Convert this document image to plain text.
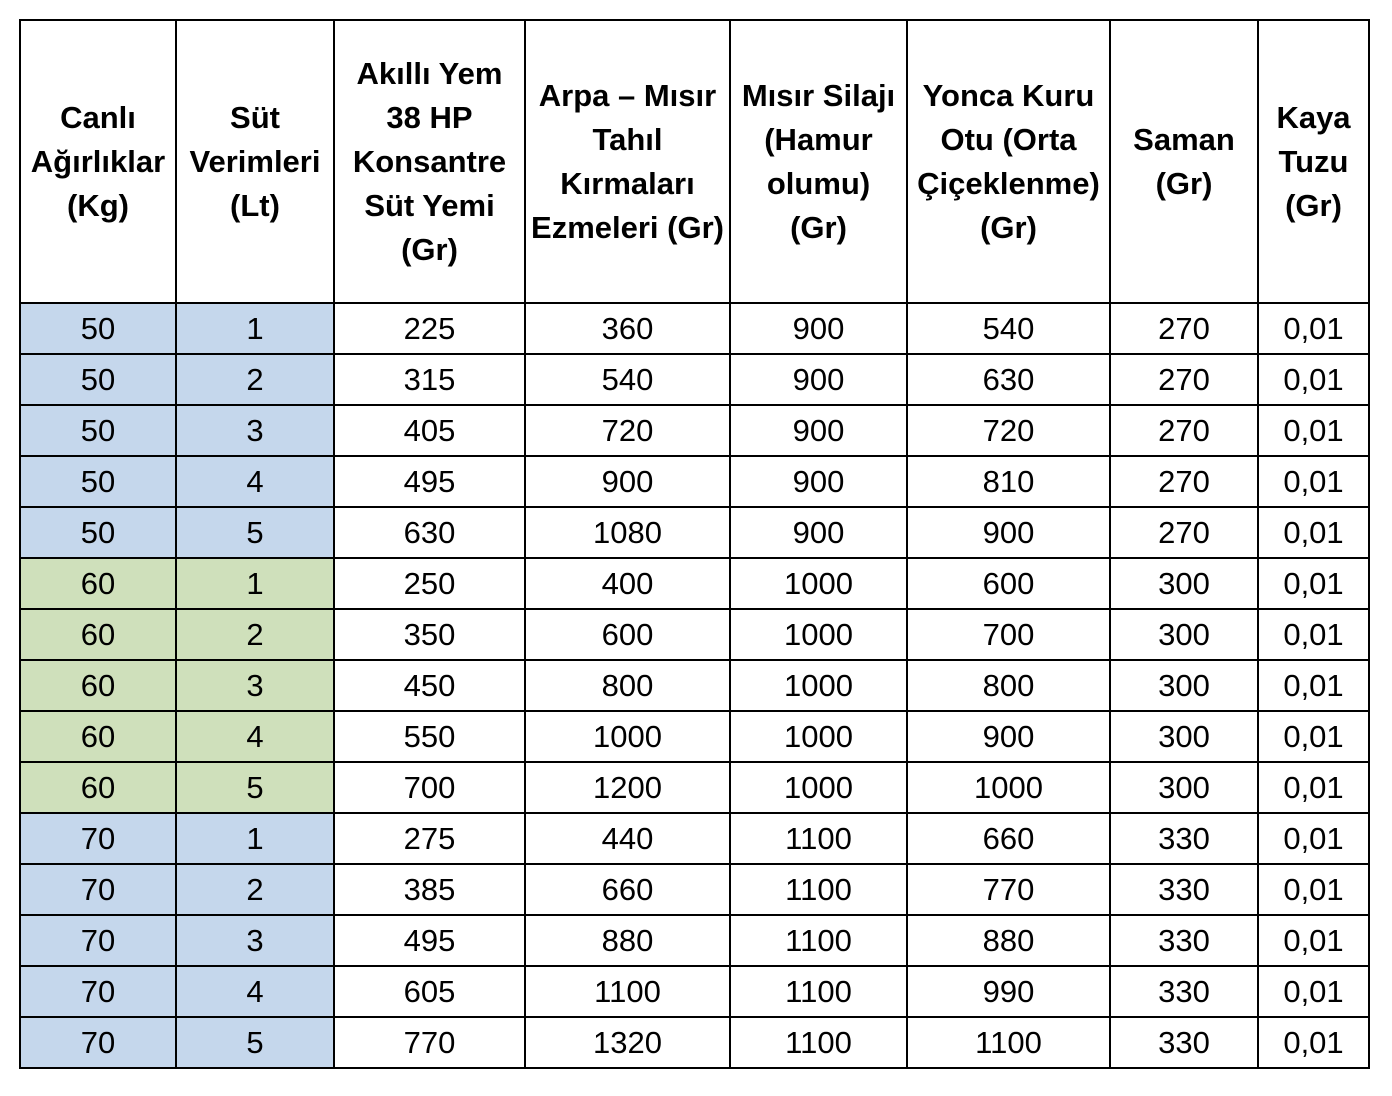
Canlı Ağırlıklar (Kg)	Süt Verimleri (Lt)	Akıllı Yem 38 HP Konsantre Süt Yemi (Gr)	Arpa – Mısır Tahıl Kırmaları Ezmeleri (Gr)	Mısır Silajı (Hamur olumu) (Gr)	Yonca Kuru Otu (Orta Çiçeklenme) (Gr)	Saman (Gr)	Kaya Tuzu (Gr)
50	1	225	360	900	540	270	0,01
50	2	315	540	900	630	270	0,01
50	3	405	720	900	720	270	0,01
50	4	495	900	900	810	270	0,01
50	5	630	1080	900	900	270	0,01
60	1	250	400	1000	600	300	0,01
60	2	350	600	1000	700	300	0,01
60	3	450	800	1000	800	300	0,01
60	4	550	1000	1000	900	300	0,01
60	5	700	1200	1000	1000	300	0,01
70	1	275	440	1100	660	330	0,01
70	2	385	660	1100	770	330	0,01
70	3	495	880	1100	880	330	0,01
70	4	605	1100	1100	990	330	0,01
70	5	770	1320	1100	1100	330	0,01
